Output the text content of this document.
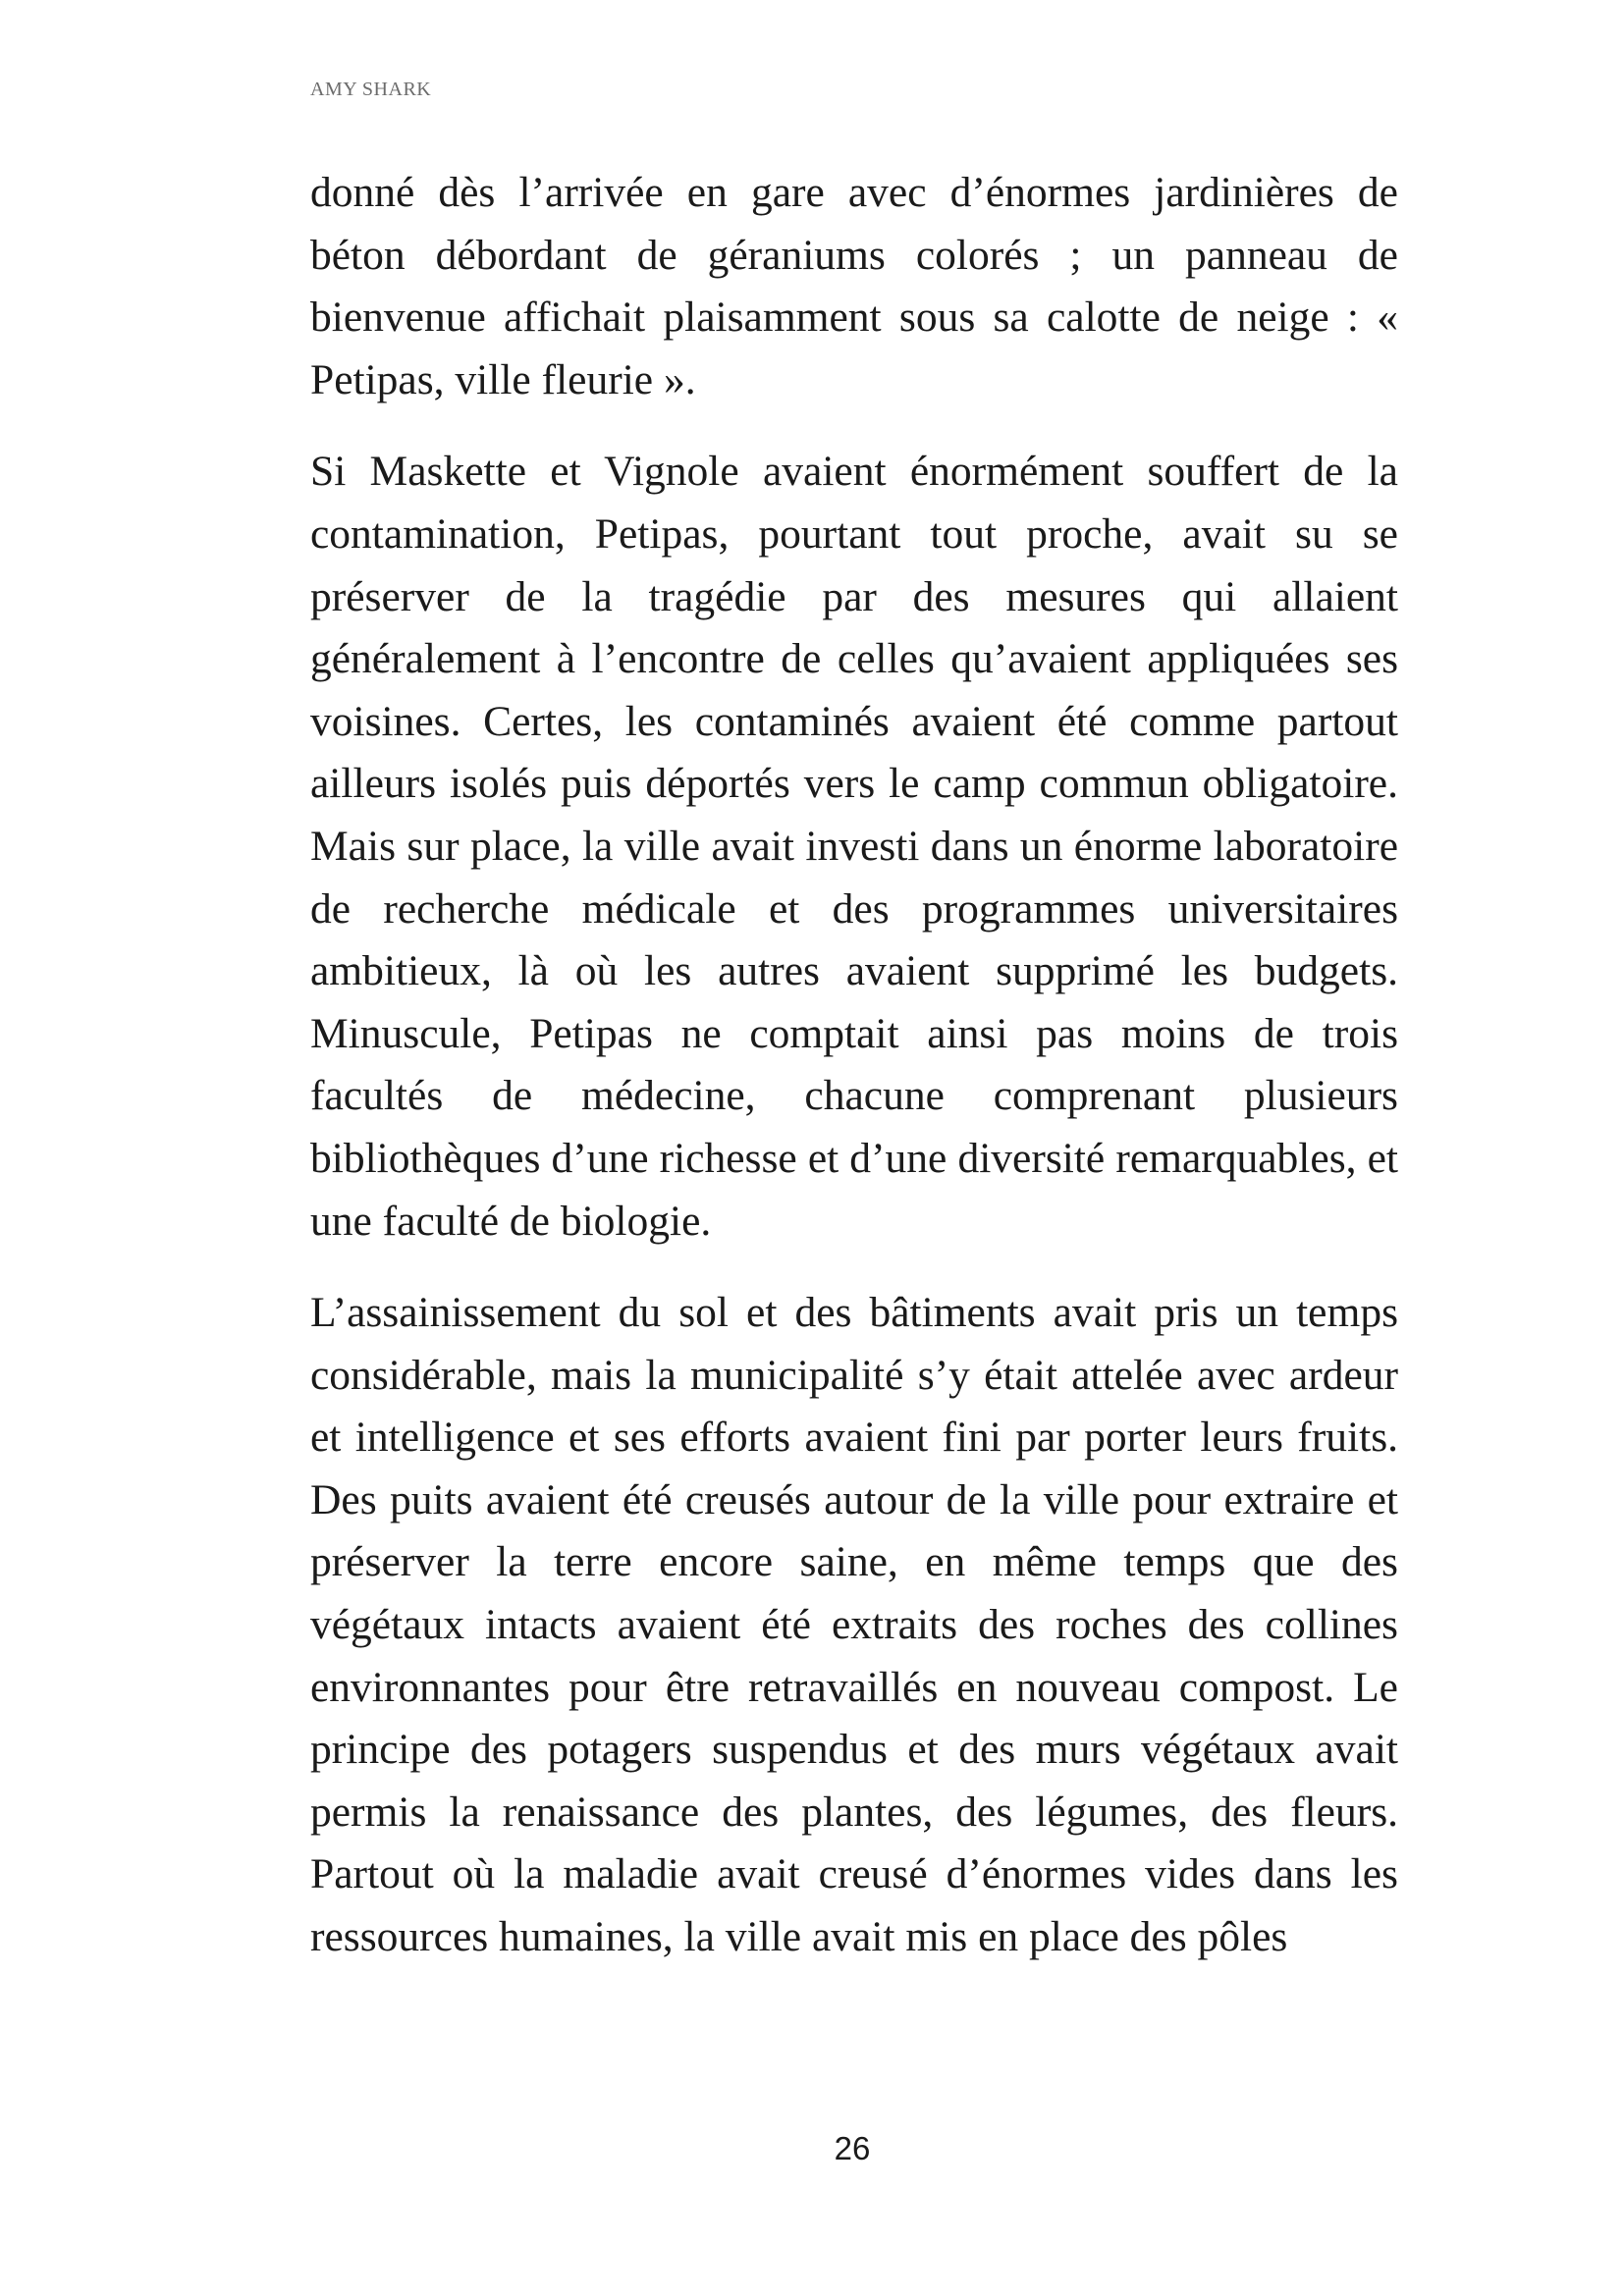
AMY SHARK

donné dès l’arrivée en gare avec d’énormes jardinières de béton débordant de géraniums colorés ; un panneau de bienvenue affichait plaisamment sous sa calotte de neige : « Petipas, ville fleurie ».

Si Maskette et Vignole avaient énormément souffert de la contamination, Petipas, pourtant tout proche, avait su se préserver de la tragédie par des mesures qui allaient généralement à l’encontre de celles qu’avaient appliquées ses voisines. Certes, les contaminés avaient été comme partout ailleurs isolés puis déportés vers le camp commun obligatoire. Mais sur place, la ville avait investi dans un énorme laboratoire de recherche médicale et des programmes universitaires ambitieux, là où les autres avaient supprimé les budgets. Minuscule, Petipas ne comptait ainsi pas moins de trois facultés de médecine, chacune comprenant plusieurs bibliothèques d’une richesse et d’une diversité remarquables, et une faculté de biologie.

L’assainissement du sol et des bâtiments avait pris un temps considérable, mais la municipalité s’y était attelée avec ardeur et intelligence et ses efforts avaient fini par porter leurs fruits. Des puits avaient été creusés autour de la ville pour extraire et préserver la terre encore saine, en même temps que des végétaux intacts avaient été extraits des roches des collines environnantes pour être retravaillés en nouveau compost. Le principe des potagers suspendus et des murs végétaux avait permis la renaissance des plantes, des légumes, des fleurs. Partout où la maladie avait creusé d’énormes vides dans les ressources humaines, la ville avait mis en place des pôles

26
